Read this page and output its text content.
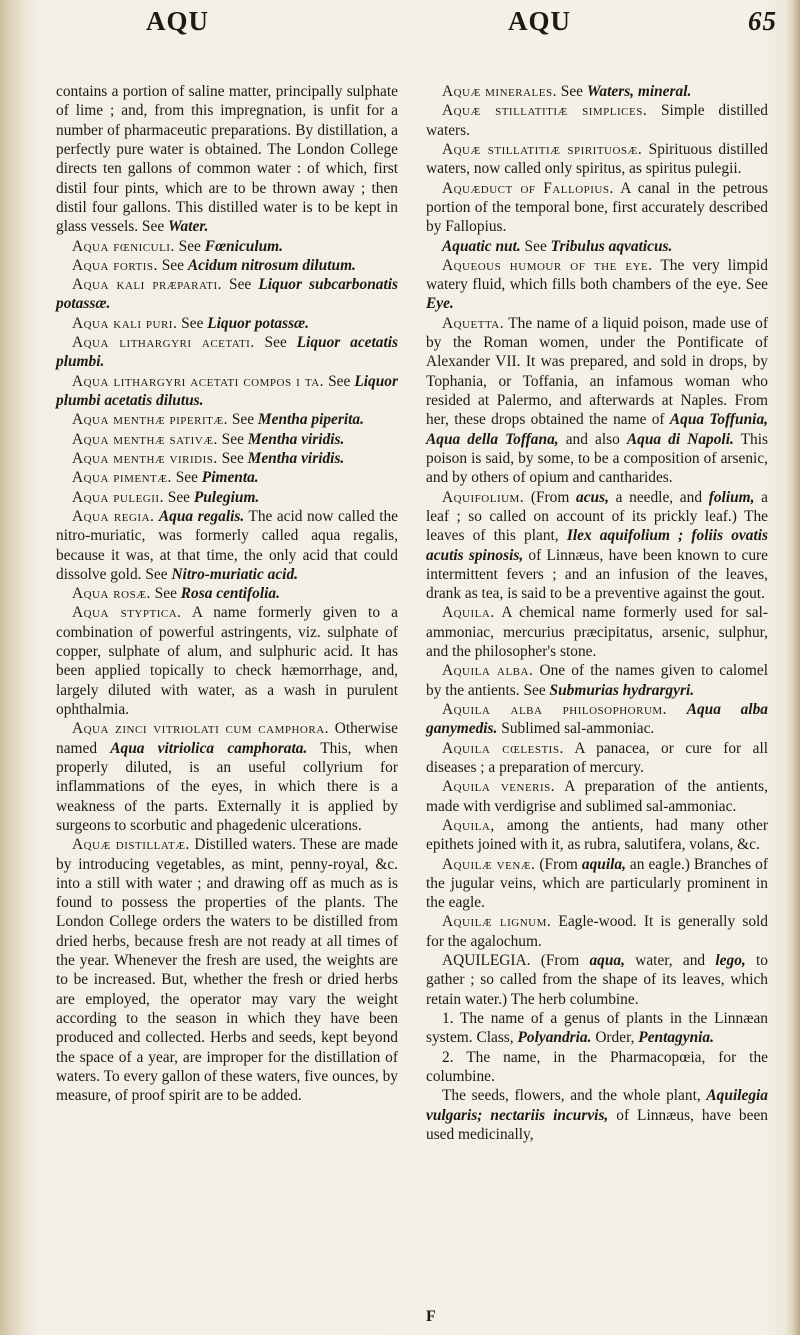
AQU	AQU	65

contains a portion of saline matter, principally sulphate of lime ; and, from this impregnation, is unfit for a number of pharmaceutic preparations. By distillation, a perfectly pure water is obtained. The London College directs ten gallons of common water : of which, first distil four pints, which are to be thrown away ; then distil four gallons. This distilled water is to be kept in glass vessels. See Water.

Aqua fœniculi. See Fœniculum.

Aqua fortis. See Acidum nitrosum dilutum.

Aqua kali præparati. See Liquor subcarbonatis potassæ.

Aqua kali puri. See Liquor potassæ.

Aqua lithargyri acetati. See Liquor acetatis plumbi.

Aqua lithargyri acetati compos i ta. See Liquor plumbi acetatis dilutus.

Aqua menthæ piperitæ. See Mentha piperita.

Aqua menthæ sativæ. See Mentha viridis.

Aqua menthæ viridis. See Mentha viridis.

Aqua pimentæ. See Pimenta.

Aqua pulegii. See Pulegium.

Aqua regia. Aqua regalis. The acid now called the nitro-muriatic, was formerly called aqua regalis, because it was, at that time, the only acid that could dissolve gold. See Nitro-muriatic acid.

Aqua rosæ. See Rosa centifolia.

Aqua styptica. A name formerly given to a combination of powerful astringents, viz. sulphate of copper, sulphate of alum, and sulphuric acid. It has been applied topically to check hæmorrhage, and, largely diluted with water, as a wash in purulent ophthalmia.

Aqua zinci vitriolati cum camphora. Otherwise named Aqua vitriolica camphorata. This, when properly diluted, is an useful collyrium for inflammations of the eyes, in which there is a weakness of the parts. Externally it is applied by surgeons to scorbutic and phagedenic ulcerations.

Aquæ distillatæ. Distilled waters. These are made by introducing vegetables, as mint, penny-royal, &c. into a still with water ; and drawing off as much as is found to possess the properties of the plants. The London College orders the waters to be distilled from dried herbs, because fresh are not ready at all times of the year. Whenever the fresh are used, the weights are to be increased. But, whether the fresh or dried herbs are employed, the operator may vary the weight according to the season in which they have been produced and collected. Herbs and seeds, kept beyond the space of a year, are improper for the distillation of waters. To every gallon of these waters, five ounces, by measure, of proof spirit are to be added.

Aquæ minerales. See Waters, mineral.

Aquæ stillatitiæ simplices. Simple distilled waters.

Aquæ stillatitiæ spirituosæ. Spirituous distilled waters, now called only spiritus, as spiritus pulegii.

Aquæduct of Fallopius. A canal in the petrous portion of the temporal bone, first accurately described by Fallopius.

Aquatic nut. See Tribulus aqvaticus.

Aqueous humour of the eye. The very limpid watery fluid, which fills both chambers of the eye. See Eye.

Aquetta. The name of a liquid poison, made use of by the Roman women, under the Pontificate of Alexander VII. It was prepared, and sold in drops, by Tophania, or Toffania, an infamous woman who resided at Palermo, and afterwards at Naples. From her, these drops obtained the name of Aqua Toffunia, Aqua della Toffana, and also Aqua di Napoli. This poison is said, by some, to be a composition of arsenic, and by others of opium and cantharides.

Aquifolium. (From acus, a needle, and folium, a leaf ; so called on account of its prickly leaf.) The leaves of this plant, Ilex aquifolium ; foliis ovatis acutis spinosis, of Linnæus, have been known to cure intermittent fevers ; and an infusion of the leaves, drank as tea, is said to be a preventive against the gout.

Aquila. A chemical name formerly used for sal-ammoniac, mercurius præcipitatus, arsenic, sulphur, and the philosopher's stone.

Aquila alba. One of the names given to calomel by the antients. See Submurias hydrargyri.

Aquila alba philosophorum. Aqua alba ganymedis. Sublimed sal-ammoniac.

Aquila cœlestis. A panacea, or cure for all diseases ; a preparation of mercury.

Aquila veneris. A preparation of the antients, made with verdigrise and sublimed sal-ammoniac.

Aquila, among the antients, had many other epithets joined with it, as rubra, salutifera, volans, &c.

Aquilæ venæ. (From aquila, an eagle.) Branches of the jugular veins, which are particularly prominent in the eagle.

Aquilæ lignum. Eagle-wood. It is generally sold for the agalochum.

AQUILEGIA. (From aqua, water, and lego, to gather ; so called from the shape of its leaves, which retain water.) The herb columbine.

1. The name of a genus of plants in the Linnæan system. Class, Polyandria. Order, Pentagynia.

2. The name, in the Pharmacopœia, for the columbine.

The seeds, flowers, and the whole plant, Aquilegia vulgaris; nectariis incurvis, of Linnæus, have been used medicinally,

F
